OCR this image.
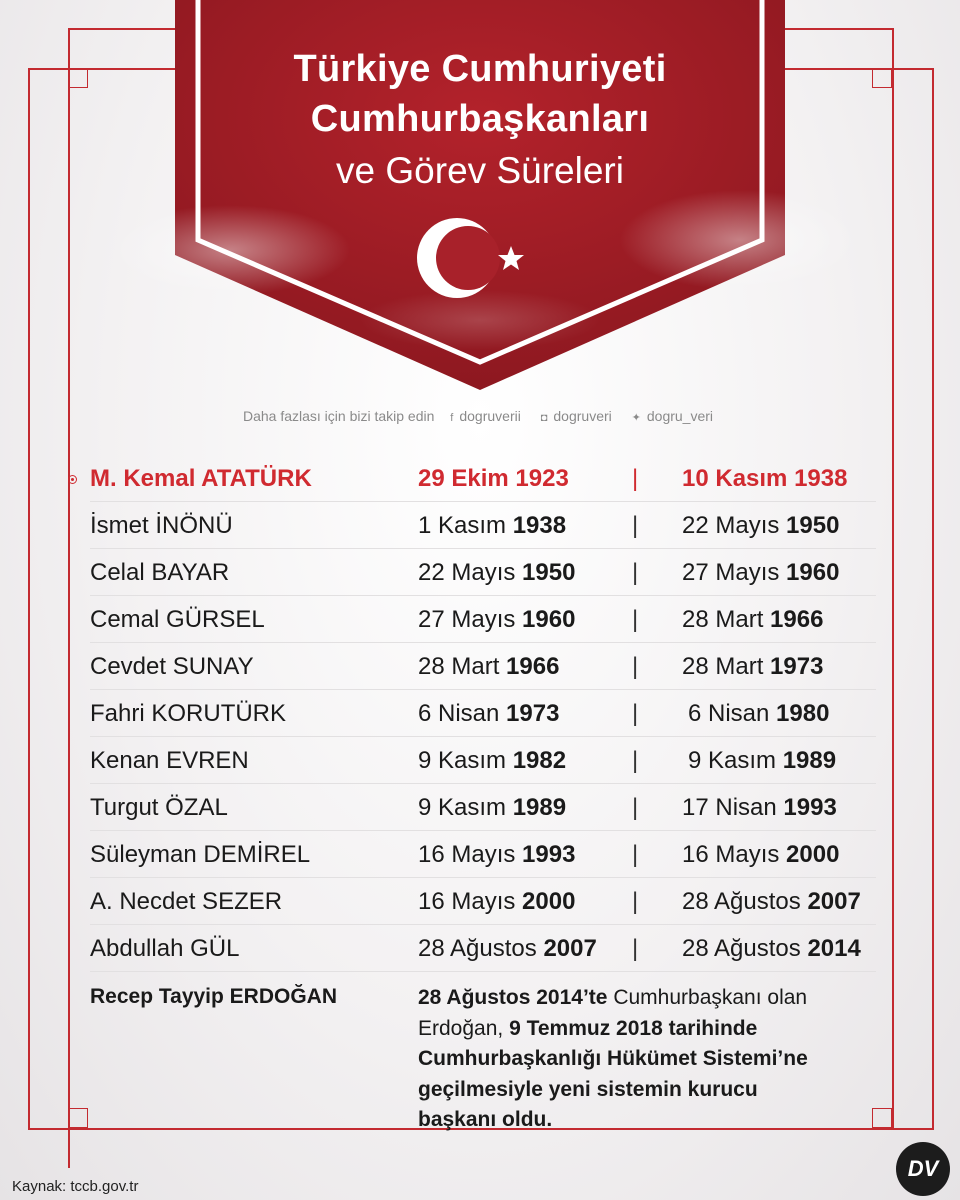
Türkiye Cumhuriyeti
Cumhurbaşkanları
ve Görev Süreleri
Daha fazlası için bizi takip edin f dogruverii ◘ dogruveri ✦ dogru_veri
M. Kemal ATATÜRK	29 Ekim 1923	| 10 Kasım 1938
İsmet İNÖNÜ	1 Kasım 1938	| 22 Mayıs 1950
Celal BAYAR	22 Mayıs 1950 | 27 Mayıs 1960
Cemal GÜRSEL	27 Mayıs 1960 | 28 Mart 1966
Cevdet SUNAY	28 Mart 1966	| 28 Mart 1973
Fahri KORUTÜRK	6 Nisan 1973	| 6 Nisan 1980
Kenan EVREN	9 Kasım 1982	| 9 Kasım 1989
Turgut ÖZAL	9 Kasım 1989	| 17 Nisan 1993
Süleyman DEMİREL	16 Mayıs 1993 | 16 Mayıs 2000
A. Necdet SEZER	16 Mayıs 2000 | 28 Ağustos 2007
Abdullah GÜL	28 Ağustos 2007 | 28 Ağustos 2014
Recep Tayyip ERDOĞAN	28 Ağustos 2014’te Cumhurbaşkanı olan Erdoğan, 9 Temmuz 2018 tarihinde Cumhurbaşkanlığı Hükümet Sistemi’ne geçilmesiyle yeni sistemin kurucu başkanı oldu.
Kaynak: tccb.gov.tr
DV
